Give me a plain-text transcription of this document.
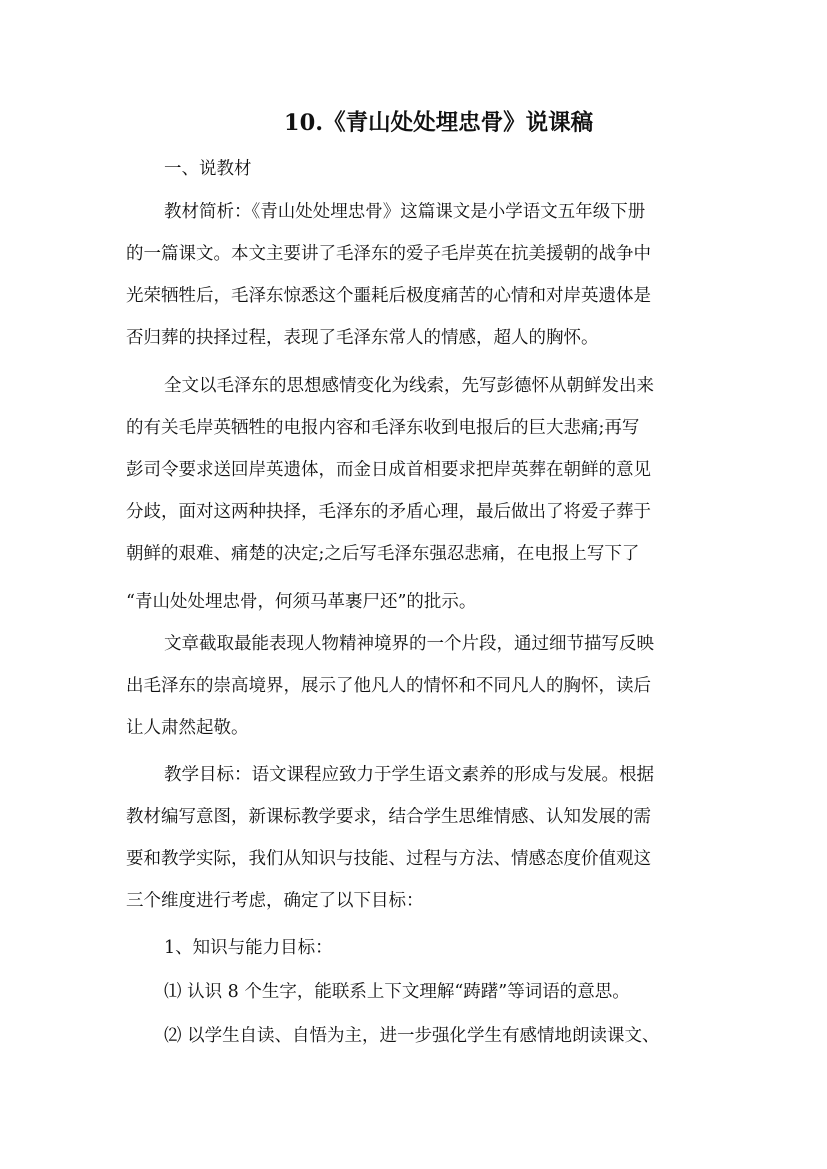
10.《青山处处埋忠骨》说课稿
一、说教材
教材简析：《青山处处埋忠骨》这篇课文是小学语文五年级下册
的一篇课文。本文主要讲了毛泽东的爱子毛岸英在抗美援朝的战争中
光荣牺牲后，毛泽东惊悉这个噩耗后极度痛苦的心情和对岸英遗体是
否归葬的抉择过程，表现了毛泽东常人的情感，超人的胸怀。
全文以毛泽东的思想感情变化为线索，先写彭德怀从朝鲜发出来
的有关毛岸英牺牲的电报内容和毛泽东收到电报后的巨大悲痛;再写
彭司令要求送回岸英遗体，而金日成首相要求把岸英葬在朝鲜的意见
分歧，面对这两种抉择，毛泽东的矛盾心理，最后做出了将爱子葬于
朝鲜的艰难、痛楚的决定;之后写毛泽东强忍悲痛，在电报上写下了
“青山处处埋忠骨，何须马革裹尸还”的批示。
文章截取最能表现人物精神境界的一个片段，通过细节描写反映
出毛泽东的崇高境界，展示了他凡人的情怀和不同凡人的胸怀，读后
让人肃然起敬。
教学目标：语文课程应致力于学生语文素养的形成与发展。根据
教材编写意图，新课标教学要求，结合学生思维情感、认知发展的需
要和教学实际，我们从知识与技能、过程与方法、情感态度价值观这
三个维度进行考虑，确定了以下目标：
1、知识与能力目标：
⑴ 认识 8 个生字，能联系上下文理解“踌躇”等词语的意思。
⑵ 以学生自读、自悟为主，进一步强化学生有感情地朗读课文、
